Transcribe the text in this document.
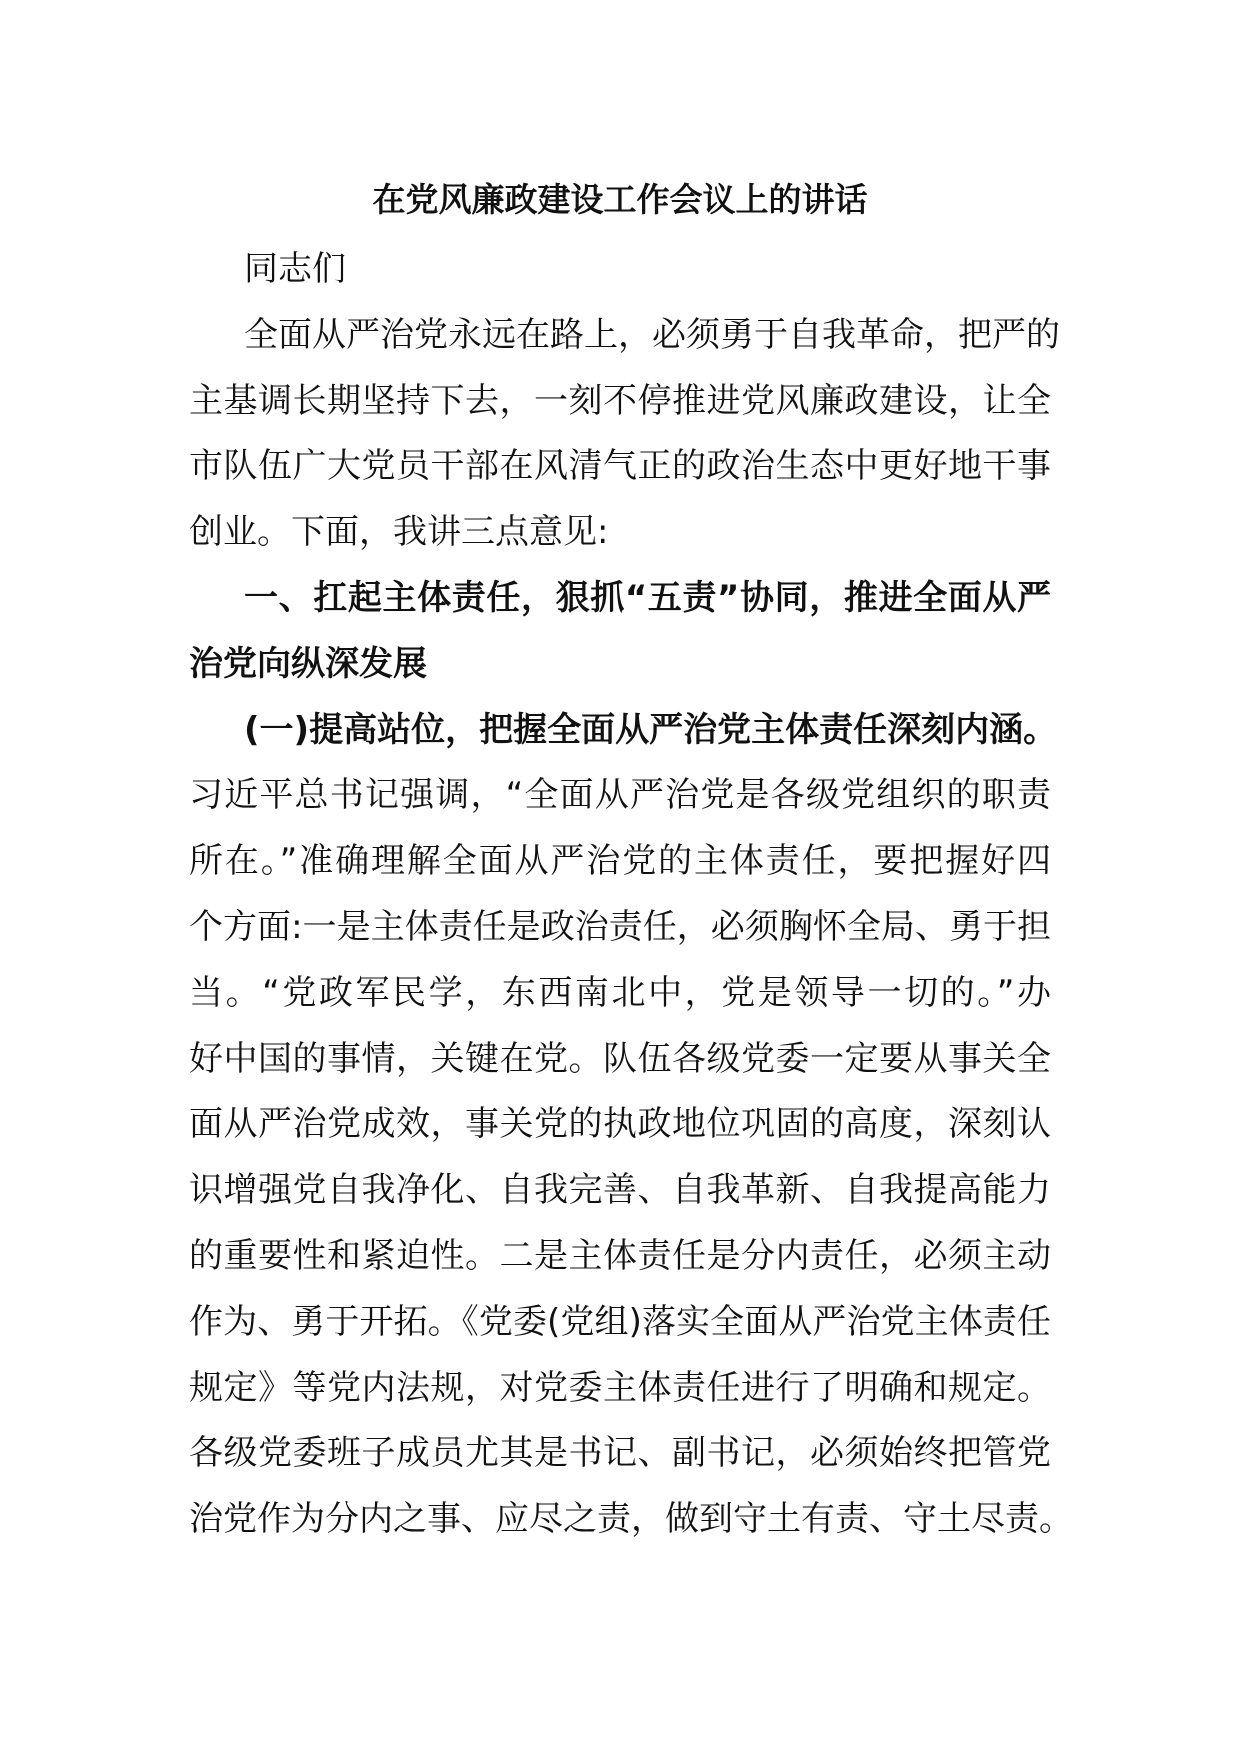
在党风廉政建设工作会议上的讲话
同志们
全面从严治党永远在路上，必须勇于自我革命，把严的
主基调长期坚持下去，一刻不停推进党风廉政建设，让全
市队伍广大党员干部在风清气正的政治生态中更好地干事
创业。下面，我讲三点意见:
一、扛起主体责任，狠抓“五责”协同，推进全面从严
治党向纵深发展
(一)提高站位，把握全面从严治党主体责任深刻内涵。
习近平总书记强调，“全面从严治党是各级党组织的职责
所在。”准确理解全面从严治党的主体责任，要把握好四
个方面:一是主体责任是政治责任，必须胸怀全局、勇于担
当。“党政军民学，东西南北中，党是领导一切的。”办
好中国的事情，关键在党。队伍各级党委一定要从事关全
面从严治党成效，事关党的执政地位巩固的高度，深刻认
识增强党自我净化、自我完善、自我革新、自我提高能力
的重要性和紧迫性。二是主体责任是分内责任，必须主动
作为、勇于开拓。《党委(党组)落实全面从严治党主体责任
规定》等党内法规，对党委主体责任进行了明确和规定。
各级党委班子成员尤其是书记、副书记，必须始终把管党
治党作为分内之事、应尽之责，做到守土有责、守土尽责。
